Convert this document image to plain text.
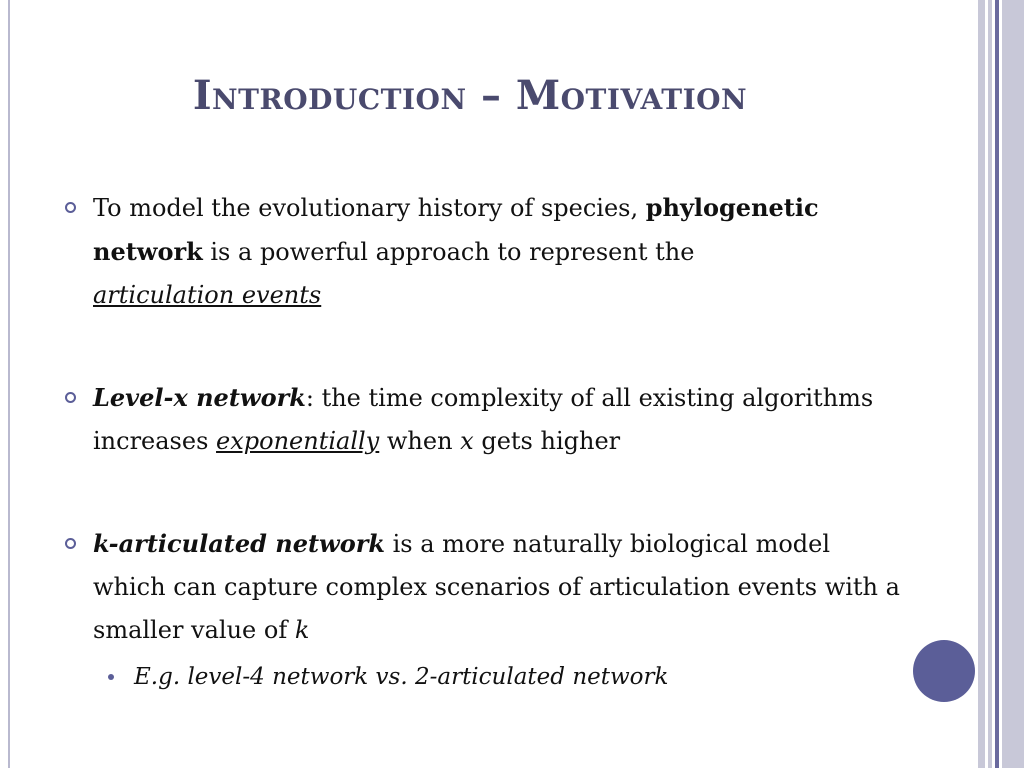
Introduction – Motivation
To model the evolutionary history of species, phylogenetic
network is a powerful approach to represent the
articulation events
Level-x network: the time complexity of all existing algorithms increases exponentially when x gets higher
k-articulated network is a more naturally biological model which can capture complex scenarios of articulation events with a smaller value of k
E.g. level-4 network vs. 2-articulated network
